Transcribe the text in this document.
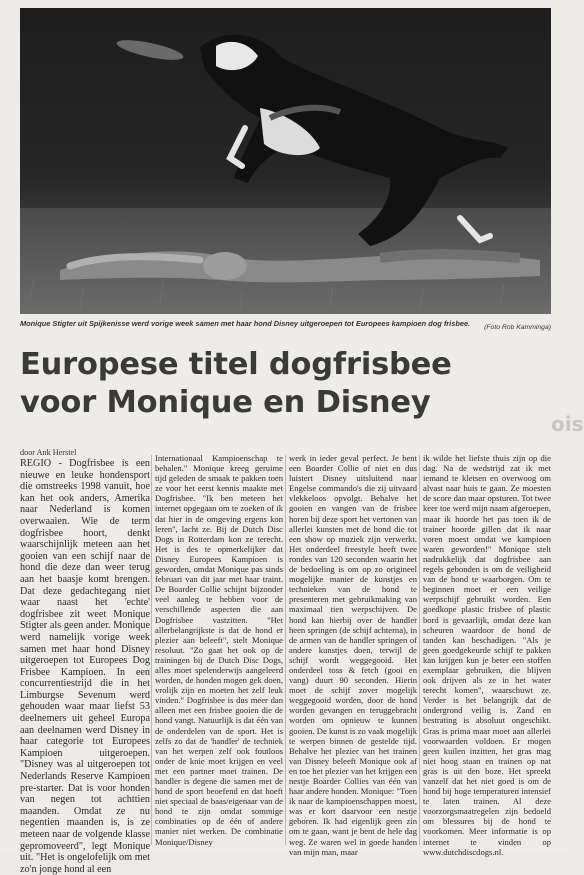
Monique Stigter uit Spijkenisse werd vorige week samen met haar hond Disney uitgeroepen tot Europees kampioen dog frisbee. (Foto Rob Kamminga)
Europese titel dogfrisbee
voor Monique en Disney
ois
door Ank Herstel

REGIO - Dogfrisbee is een nieuwe en leuke hondensport die omstreeks 1998 vanuit, hoe kan het ook anders, Amerika naar Nederland is komen overwaaien. Wie de term dogfrisbee hoort, denkt waarschijnlijk meteen aan het gooien van een schijf naar de hond die deze dan weer terug aan het baasje komt brengen. Dat deze gedachtegang niet waar naast het 'echte' dogfrisbee zit weet Monique Stigter als geen ander. Monique werd namelijk vorige week samen met haar hond Disney uitgeroepen tot Europees Dog Frisbee Kampioen. In een concurrentiestrijd die in het Limburgse Sevenum werd gehouden waar maar liefst 53 deelnemers uit geheel Europa aan deelnamen werd Disney in haar categorie tot Europees Kampioen uitgeroepen. "Disney was al uitgeroepen tot Nederlands Reserve Kampioen pre-starter. Dat is voor honden van negen tot achttien maanden. Omdat ze nu negentien maanden is, is ze meteen naar de volgende klasse gepromoveerd", legt Monique uit. "Het is ongelofelijk om met zo'n jonge hond al een

Internationaal Kampioenschap te behalen." Monique kreeg geruime tijd geleden de smaak te pakken toen ze voor het eerst kennis maakte met Dogfrisbee. "Ik ben meteen het internet opgegaan om te zoeken of ik dat hier in de omgeving ergens kon leren", lacht ze. Bij de Dutch Disc Dogs in Rotterdam kon ze terecht. Het is des te opmerkelijker dat Disney Europees Kampioen is geworden, omdat Monique pas sinds februari van dit jaar met haar traint. De Boarder Collie schijnt bijzonder veel aanleg te hebben voor de verschillende aspecten die aan Dogfrisbee vastzitten. "Het allerbelangrijkste is dat de hond er plezier aan beleeft", stelt Monique resoluut. "Zo gaat het ook op de trainingen bij de Dutch Disc Dogs, alles moet spelenderwijs aangeleerd worden, de honden mogen gek doen, vrolijk zijn en moeten het zelf leuk vinden." Dogfrisbee is dus meer dan alleen met een frisbee gooien die de hond vangt. Natuurlijk is dat één van de onderdelen van de sport. Het is zelfs zo dat de 'handler' de techniek van het werpen zelf ook foutloos onder de knie moet krijgen en veel met een partner moet trainen. De handler is degene die samen met de hond de sport beoefend en dat hoeft niet speciaal de baas/eigenaar van de hond te zijn omdat sommige combinaties op de één of andere manier niet werken. De combinatie Monique/Disney

werk in ieder geval perfect. Je bent een Boarder Collie of niet en dus luistert Disney uitsluitend naar Engelse commando's die zij uitvaard vlekkeloos opvolgt. Behalve het gooien en vangen van de frisbee horen bij deze sport het vertonen van allerlei kunsten met de hond die tot een show op muziek zijn verwerkt. Het onderdeel freestyle heeft twee rondes van 120 seconden waarin het de bedoeling is om op zo origineel mogelijke manier de kunstjes en technieken van de hond te presenteren met gebruikmaking van maximaal tien werpschijven. De hond kan hierbij over de handler heen springen (de schijf achterna), in de armen van de handler springen of andere kunstjes doen, terwijl de schijf wordt weggegooid. Het onderdeel toss & fetch (gooi en vang) duurt 90 seconden. Hierin moet de schijf zover mogelijk weggegooid worden, door de hond worden gevangen en teruggebracht worden om opnieuw te kunnen gooien. De kunst is zo vaak mogelijk te werpen binnen de gestelde tijd. Behalve het plezier van het trainen van Disney beleeft Monique ook af en toe het plezier van het krijgen een nestje Boarder Collies van één van haar andere honden. Monique: "Toen ik naar de kampioenschappen moest, was er kort daarvoor een nestje geboren. Ik had eigenlijk geen zin om te gaan, want je bent de hele dag weg. Ze waren wel in goede handen van mijn man, maar

ik wilde het liefste thuis zijn op die dag. Na de wedstrijd zat ik met iemand te kletsen en overwoog om alvast naar huis te gaan. Ze moesten de score dan maar opsturen. Tot twee keer toe werd mijn naam afgeroepen, maar ik hoorde het pas toen ik de trainer hoorde gillen dat ik naar voren moest omdat we kampioen waren geworden!" Monique stelt nadrukkelijk dat dogfrisbee aan regels gebonden is om de veiligheid van de hond te waarborgen. Om te beginnen moet er een veilige werpschijf gebruikt worden. Een goedkope plastic frisbee of plastic bord is gevaarlijk, omdat deze kan scheuren waardoor de hond de tanden kan beschadigen. "Als je geen goedgekeurde schijf te pakken kan krijgen kun je beter een stoffen exemplaar gebruiken, die blijven ook drijven als ze in het water terecht komen", waarschuwt ze. Verder is het belangrijk dat de ondergrond veilig is. Zand en bestrating is absoluut ongeschikt. Gras is prima maar moet aan allerlei voorwaarden voldoen. Er mogen geen kuilen inzitten, het gras mag niet hoog staan en trainen op nat gras is uit den boze. Het spreekt vanzelf dat het niet goed is om de hond bij hoge temperaturen intensief te laten trainen. Al deze voorzorgsmaatregelen zijn bedoeld om blessures bij de hond te voorkomen. Meer informatie is op internet te vinden op www.dutchdiscdogs.nl.
